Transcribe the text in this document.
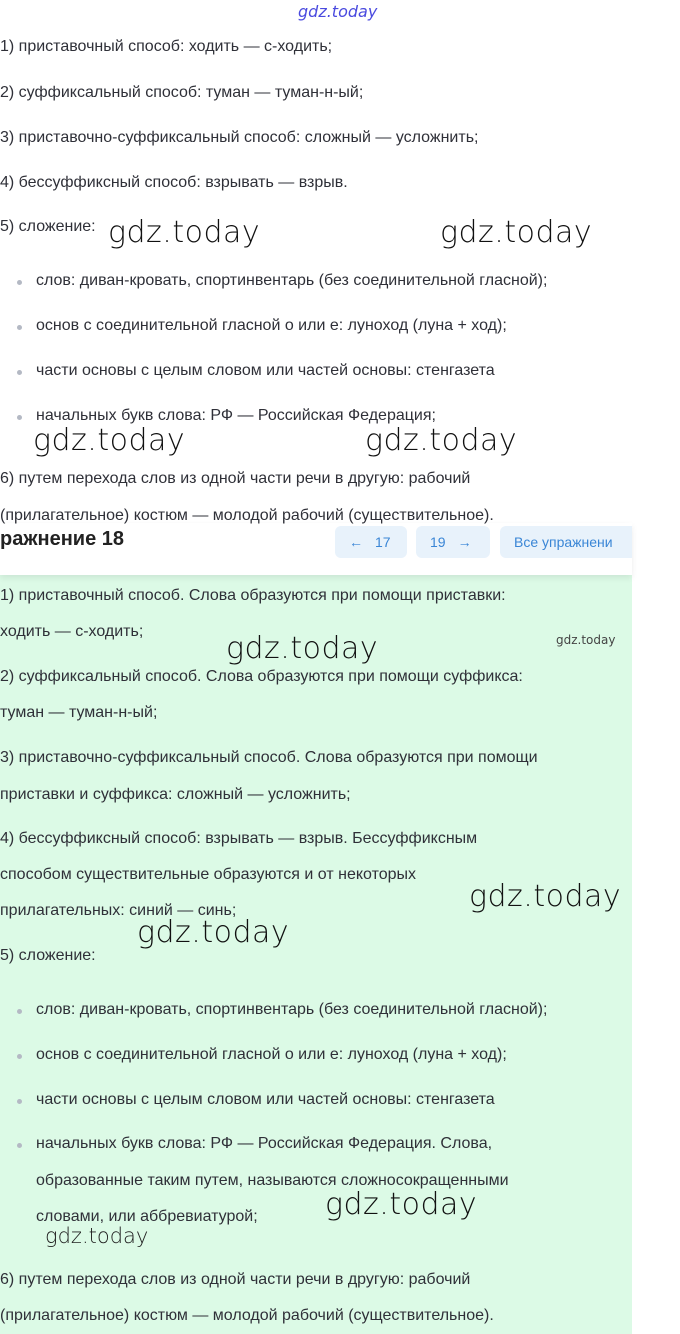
gdz.today
1) приставочный способ: ходить — с-ходить;
2) суффиксальный способ: туман — туман-н-ый;
3) приставочно-суффиксальный способ: сложный — усложнить;
4) бессуффиксный способ: взрывать — взрыв.
5) сложение:
слов: диван-кровать, спортинвентарь (без соединительной гласной);
основ с соединительной гласной о или е: луноход (луна + ход);
части основы с целым словом или частей основы: стенгазета
начальных букв слова: РФ — Российская Федерация;
6) путем перехода слов из одной части речи в другую: рабочий
(прилагательное) костюм — молодой рабочий (существительное).
gdz.today	gdz.today
gdz.today	gdz.today
ражнение 18	← 17	19 →	Все упражнени
1) приставочный способ. Слова образуются при помощи приставки:
ходить — с-ходить;
2) суффиксальный способ. Слова образуются при помощи суффикса:
туман — туман-н-ый;
3) приставочно-суффиксальный способ. Слова образуются при помощи
приставки и суффикса: сложный — усложнить;
4) бессуффиксный способ: взрывать — взрыв. Бессуффиксным
способом существительные образуются и от некоторых
прилагательных: синий — синь;
5) сложение:
слов: диван-кровать, спортинвентарь (без соединительной гласной);
основ с соединительной гласной о или е: луноход (луна + ход);
части основы с целым словом или частей основы: стенгазета
начальных букв слова: РФ — Российская Федерация. Слова,
образованные таким путем, называются сложносокращенными
словами, или аббревиатурой;
6) путем перехода слов из одной части речи в другую: рабочий
(прилагательное) костюм — молодой рабочий (существительное).
gdz.today	gdz.today
gdz.today
gdz.today
gdz.today
gdz.today
